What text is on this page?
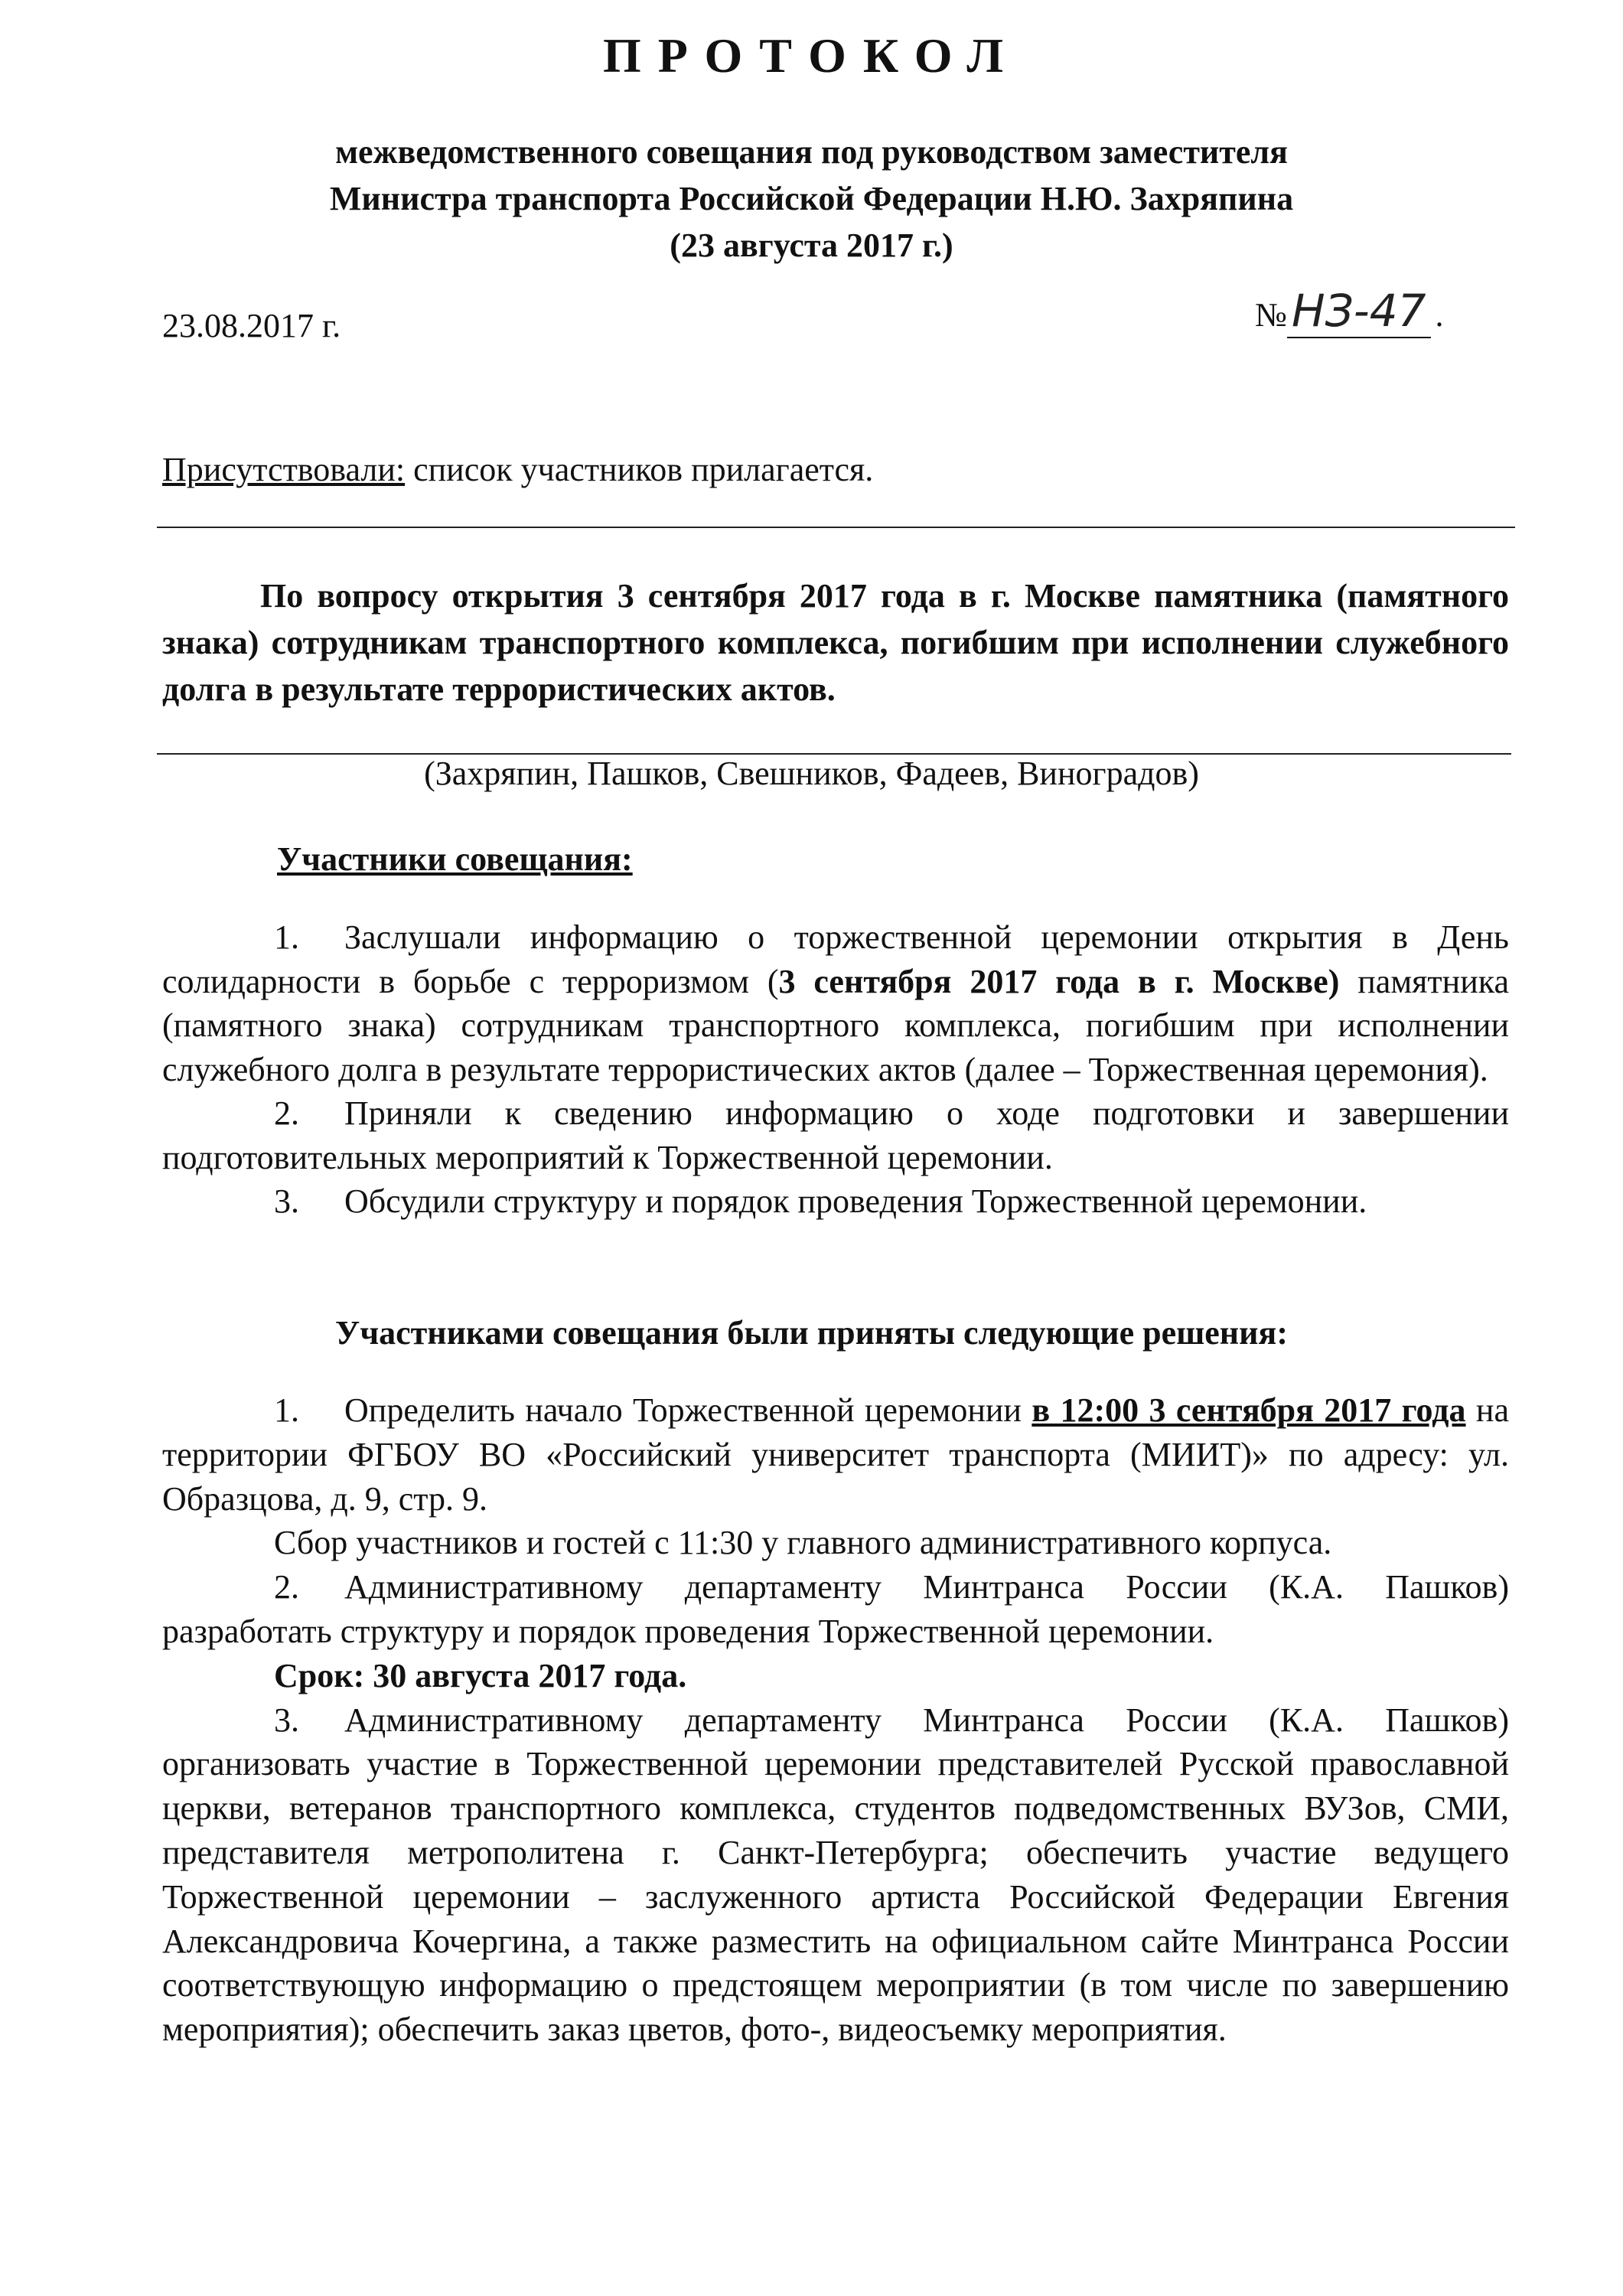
ПРОТОКОЛ
межведомственного совещания под руководством заместителя
Министра транспорта Российской Федерации Н.Ю. Захряпина
(23 августа 2017 г.)
23.08.2017 г.	№ НЗ-47 .
Присутствовали: список участников прилагается.
По вопросу открытия 3 сентября 2017 года в г. Москве памятника (памятного знака) сотрудникам транспортного комплекса, погибшим при исполнении служебного долга в результате террористических актов.
(Захряпин, Пашков, Свешников, Фадеев, Виноградов)
Участники совещания:

1. Заслушали информацию о торжественной церемонии открытия в День солидарности в борьбе с терроризмом (3 сентября 2017 года в г. Москве) памятника (памятного знака) сотрудникам транспортного комплекса, погибшим при исполнении служебного долга в результате террористических актов (далее – Торжественная церемония).

2. Приняли к сведению информацию о ходе подготовки и завершении подготовительных мероприятий к Торжественной церемонии.

3. Обсудили структуру и порядок проведения Торжественной церемонии.

Участниками совещания были приняты следующие решения:

1. Определить начало Торжественной церемонии в 12:00 3 сентября 2017 года на территории ФГБОУ ВО «Российский университет транспорта (МИИТ)» по адресу: ул. Образцова, д. 9, стр. 9.

Сбор участников и гостей с 11:30 у главного административного корпуса.

2. Административному департаменту Минтранса России (К.А. Пашков) разработать структуру и порядок проведения Торжественной церемонии.

Срок: 30 августа 2017 года.

3. Административному департаменту Минтранса России (К.А. Пашков) организовать участие в Торжественной церемонии представителей Русской православной церкви, ветеранов транспортного комплекса, студентов подведомственных ВУЗов, СМИ, представителя метрополитена г. Санкт-Петербурга; обеспечить участие ведущего Торжественной церемонии – заслуженного артиста Российской Федерации Евгения Александровича Кочергина, а также разместить на официальном сайте Минтранса России соответствующую информацию о предстоящем мероприятии (в том числе по завершению мероприятия); обеспечить заказ цветов, фото-, видеосъемку мероприятия.
